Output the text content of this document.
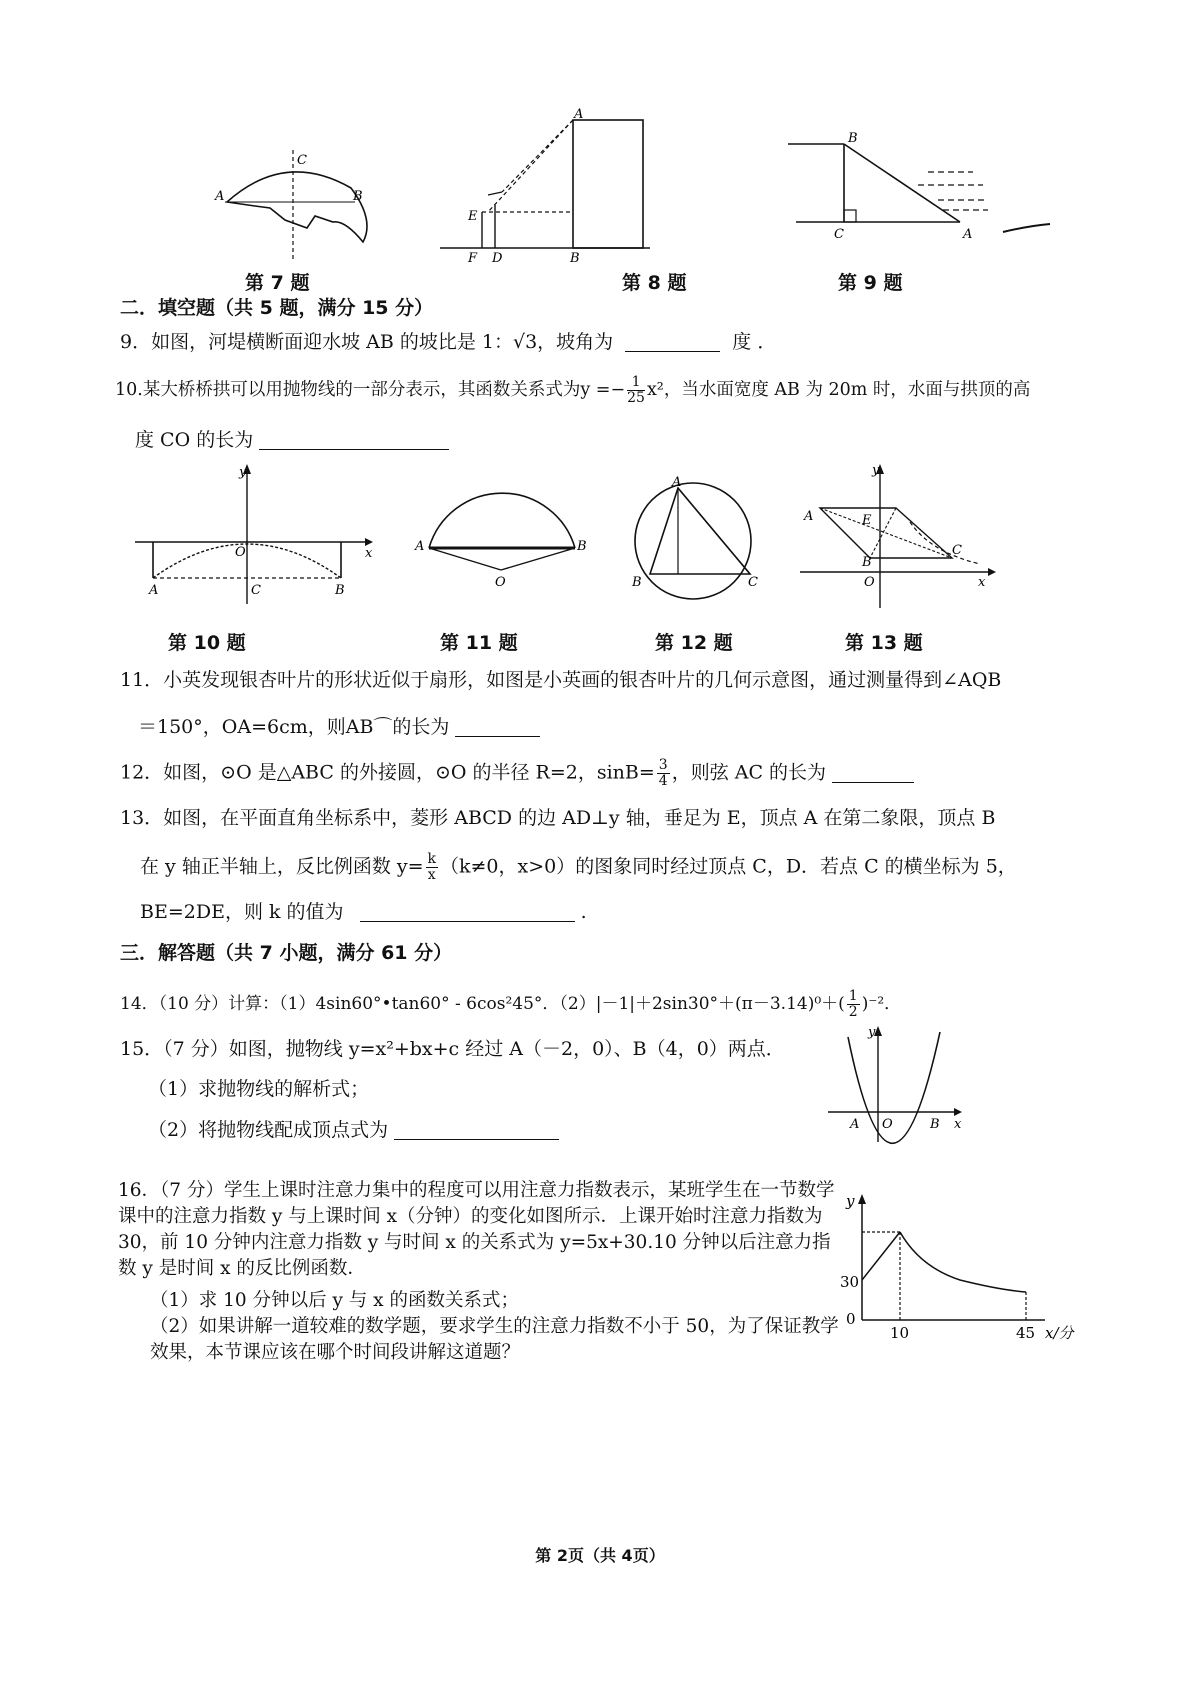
C
A	B
第 7 题
A
E
F D	B
第 8 题
B
C	A
第 9 题
二．填空题（共 5 题，满分 15 分）
9．如图，河堤横断面迎水坡 AB 的坡比是 1：√3，坡角为	度 ．
10.某大桥桥拱可以用抛物线的一部分表示，其函数关系式为$y =- \frac{1}{25} x^2$，当水面宽度 AB 为 20m 时，水面与拱顶的高
度 CO 的长为
y
O	x
A	C	B
第 10 题
A	B
O
第 11 题
A
B	C
第 12 题
y
A	E
B
C
O	x
第 13 题
11．小英发现银杏叶片的形状近似于扇形，如图是小英画的银杏叶片的几何示意图，通过测量得到∠AQB
＝150°，OA=6cm，则AB⌒的长为
12．如图，⊙O 是△ABC 的外接圆，⊙O 的半径 R=2，$\sin B= \frac{3}{4}$ ，则弦 AC 的长为
13．如图，在平面直角坐标系中，菱形 ABCD 的边 AD⊥y 轴，垂足为 E，顶点 A 在第二象限，顶点 B
在 y 轴正半轴上，反比例函数 $y= \frac{k}{x} (k\ne 0$，x>0）的图象同时经过顶点 C，D．若点 C 的横坐标为 5，
BE=2DE，则 k 的值为	.
三．解答题（共 7 小题，满分 61 分）
14．（10 分）计算：（1）4sin60°•tan60° - 6cos²45°．$(2)|-1|+2\sin 30^\circ+(\pi-3.14)^0+( \frac{1}{2} )^{-2}$．
15．（7 分）如图，抛物线 y=x²+bx+c 经过 A（－2，0）、B（4，0）两点．
（1）求抛物线的解析式；
（2）将抛物线配成顶点式为
y
A O	B x
16．（7 分）学生上课时注意力集中的程度可以用注意力指数表示，某班学生在一节数学课中的注意力指数 y 与上课时间 x（分钟）的变化如图所示．上课开始时注意力指数为 30，前 10 分钟内注意力指数 y 与时间 x 的关系式为 y=5x+30.10 分钟以后注意力指数 y 是时间 x 的反比例函数．
（1）求 10 分钟以后 y 与 x 的函数关系式；
（2）如果讲解一道较难的数学题，要求学生的注意力指数不小于 50，为了保证教学效果，本节课应该在哪个时间段讲解这道题？
y
30
0
10	45 x/分
第 2页（共 4页）
